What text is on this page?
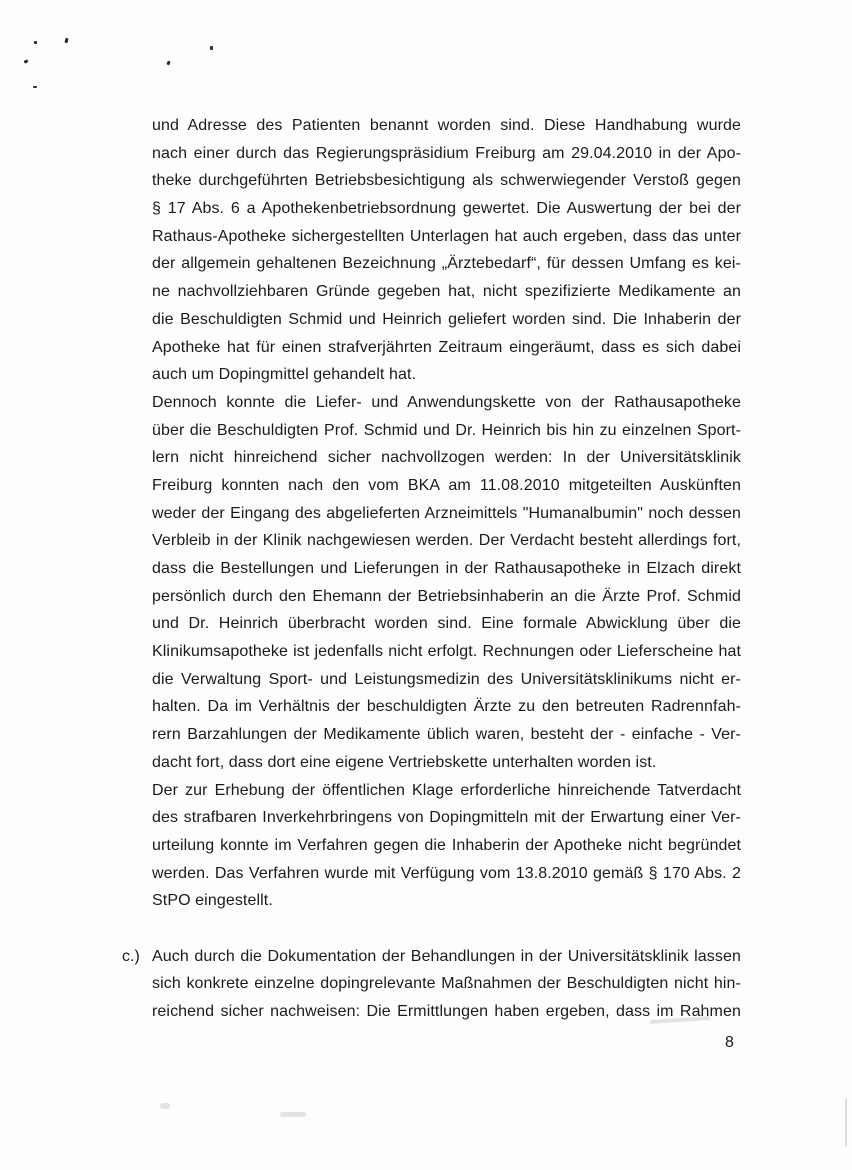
und Adresse des Patienten benannt worden sind. Diese Handhabung wurde
nach einer durch das Regierungspräsidium Freiburg am 29.04.2010 in der Apo-
theke durchgeführten Betriebsbesichtigung als schwerwiegender Verstoß gegen
§ 17 Abs. 6 a Apothekenbetriebsordnung gewertet. Die Auswertung der bei der
Rathaus-Apotheke sichergestellten Unterlagen hat auch ergeben, dass das unter
der allgemein gehaltenen Bezeichnung „Ärztebedarf“, für dessen Umfang es kei-
ne nachvollziehbaren Gründe gegeben hat, nicht spezifizierte Medikamente an
die Beschuldigten Schmid und Heinrich geliefert worden sind. Die Inhaberin der
Apotheke hat für einen strafverjährten Zeitraum eingeräumt, dass es sich dabei
auch um Dopingmittel gehandelt hat.
Dennoch konnte die Liefer- und Anwendungskette von der Rathausapotheke
über die Beschuldigten Prof. Schmid und Dr. Heinrich bis hin zu einzelnen Sport-
lern nicht hinreichend sicher nachvollzogen werden: In der Universitätsklinik
Freiburg konnten nach den vom BKA am 11.08.2010 mitgeteilten Auskünften
weder der Eingang des abgelieferten Arzneimittels "Humanalbumin" noch dessen
Verbleib in der Klinik nachgewiesen werden. Der Verdacht besteht allerdings fort,
dass die Bestellungen und Lieferungen in der Rathausapotheke in Elzach direkt
persönlich durch den Ehemann der Betriebsinhaberin an die Ärzte Prof. Schmid
und Dr. Heinrich überbracht worden sind. Eine formale Abwicklung über die
Klinikumsapotheke ist jedenfalls nicht erfolgt. Rechnungen oder Lieferscheine hat
die Verwaltung Sport- und Leistungsmedizin des Universitätsklinikums nicht er-
halten. Da im Verhältnis der beschuldigten Ärzte zu den betreuten Radrennfah-
rern Barzahlungen der Medikamente üblich waren, besteht der - einfache - Ver-
dacht fort, dass dort eine eigene Vertriebskette unterhalten worden ist.
Der zur Erhebung der öffentlichen Klage erforderliche hinreichende Tatverdacht
des strafbaren Inverkehrbringens von Dopingmitteln mit der Erwartung einer Ver-
urteilung konnte im Verfahren gegen die Inhaberin der Apotheke nicht begründet
werden. Das Verfahren wurde mit Verfügung vom 13.8.2010 gemäß § 170 Abs. 2
StPO eingestellt.
c.) Auch durch die Dokumentation der Behandlungen in der Universitätsklinik lassen
sich konkrete einzelne dopingrelevante Maßnahmen der Beschuldigten nicht hin-
reichend sicher nachweisen: Die Ermittlungen haben ergeben, dass im Rahmen
8
